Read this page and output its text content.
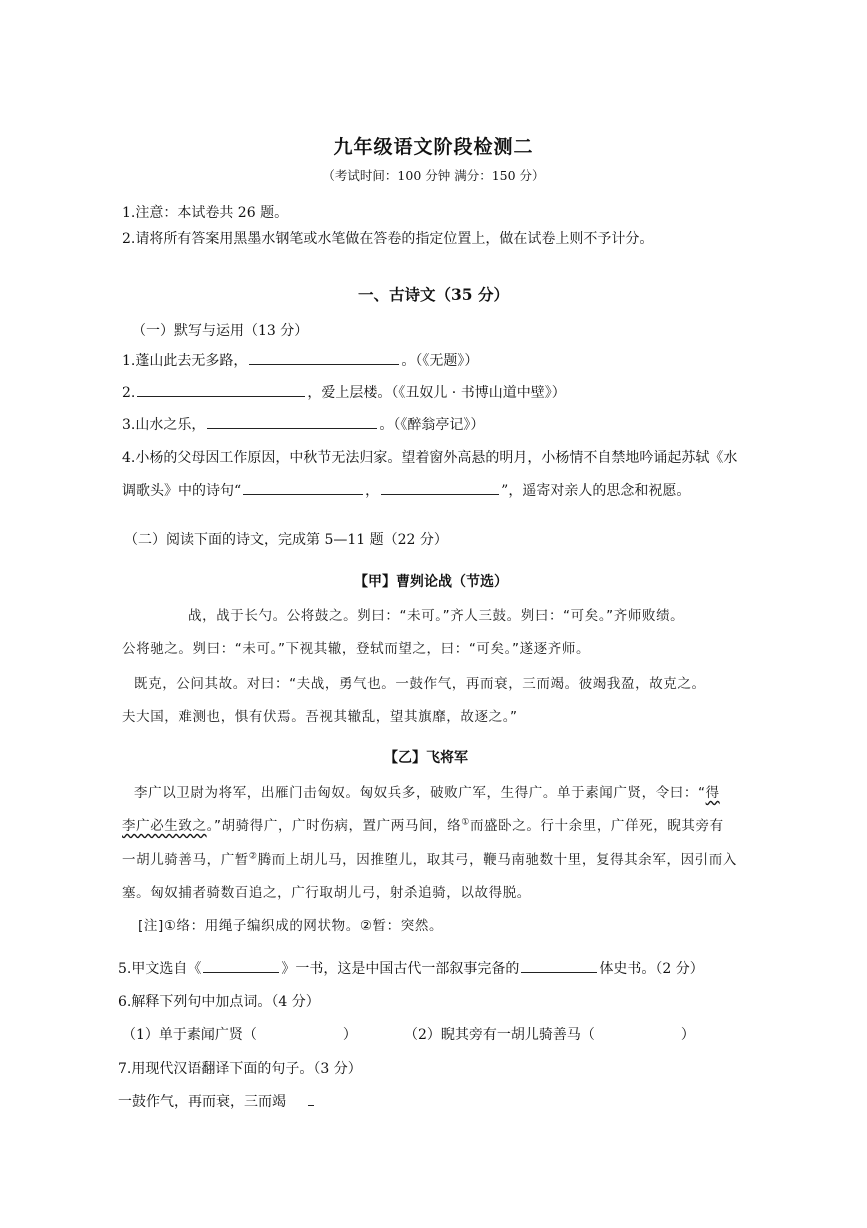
九年级语文阶段检测二
（考试时间：100 分钟 满分：150 分）
1.注意：本试卷共 26 题。
2.请将所有答案用黑墨水钢笔或水笔做在答卷的指定位置上，做在试卷上则不予计分。
一、古诗文（35 分）
（一）默写与运用（13 分）
1.蓬山此去无多路，	。（《无题》）
2.	，爱上层楼。（《丑奴儿 · 书博山道中壁》）
3.山水之乐，	。（《醉翁亭记》）
4.小杨的父母因工作原因，中秋节无法归家。望着窗外高悬的明月，小杨情不自禁地吟诵起苏轼《水
调歌头》中的诗句“	，	”，遥寄对亲人的思念和祝愿。
（二）阅读下面的诗文，完成第 5—11 题（22 分）
【甲】曹刿论战（节选）
战，战于长勺。公将鼓之。刿曰：“未可。”齐人三鼓。刿曰：“可矣。”齐师败绩。
公将驰之。刿曰：“未可。”下视其辙，登轼而望之，曰：“可矣。”遂逐齐师。
既克，公问其故。对曰：“夫战，勇气也。一鼓作气，再而衰，三而竭。彼竭我盈，故克之。
夫大国，难测也，惧有伏焉。吾视其辙乱，望其旗靡，故逐之。”
【乙】飞将军
李广以卫尉为将军，出雁门击匈奴。匈奴兵多，破败广军，生得广。单于素闻广贤，令曰：“得
李广必生致之。”胡骑得广，广时伤病，置广两马间，络①而盛卧之。行十余里，广佯死，睨其旁有
一胡儿骑善马，广暂②腾而上胡儿马，因推堕儿，取其弓，鞭马南驰数十里，复得其余军，因引而入
塞。匈奴捕者骑数百追之，广行取胡儿弓，射杀追骑，以故得脱。
[注]①络：用绳子编织成的网状物。②暂：突然。
5.甲文选自《	》一书，这是中国古代一部叙事完备的	体史书。（2 分）
6.解释下列句中加点词。（4 分）
（1）单于素闻广贤（	）	（2）睨其旁有一胡儿骑善马（	）
7.用现代汉语翻译下面的句子。（3 分）
一鼓作气，再而衰，三而竭
